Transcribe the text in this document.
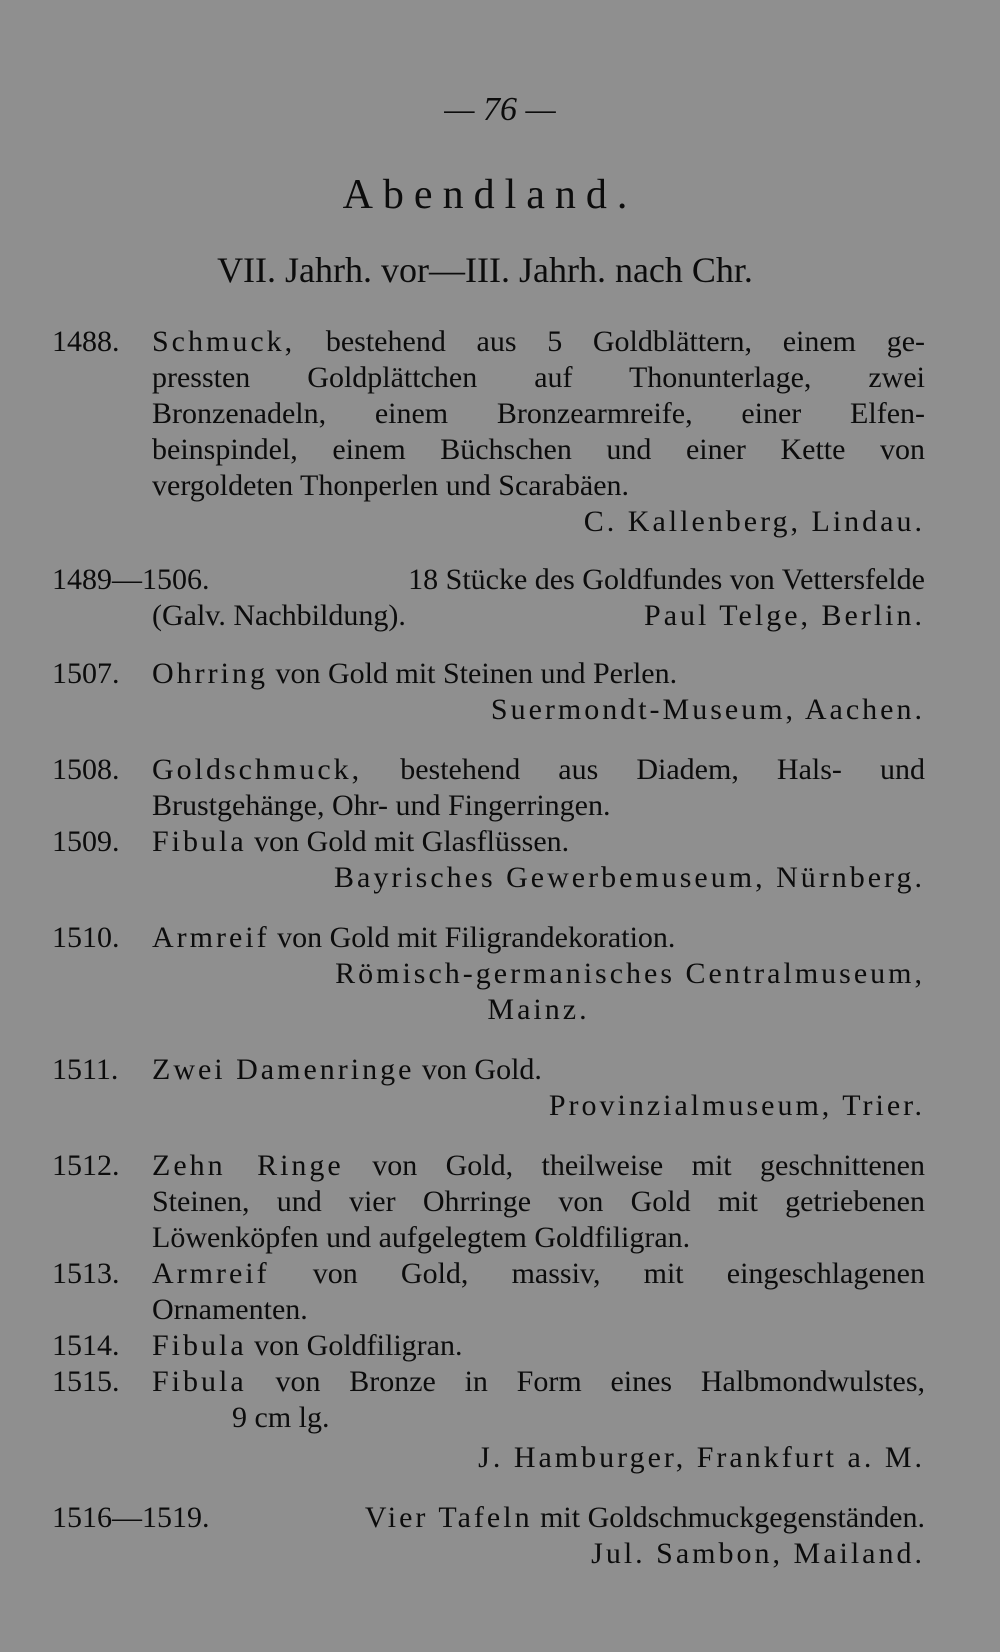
— 76 —
Abendland.
VII. Jahrh. vor—III. Jahrh. nach Chr.
1488. Schmuck, bestehend aus 5 Goldblättern, einem ge-
pressten Goldplättchen auf Thonunterlage, zwei
Bronzenadeln, einem Bronzearmreife, einer Elfen-
beinspindel, einem Büchschen und einer Kette von
vergoldeten Thonperlen und Scarabäen.
C. Kallenberg, Lindau.
1489—1506.	18 Stücke des Goldfundes von Vettersfelde
(Galv. Nachbildung).	Paul Telge, Berlin.
1507. Ohrring von Gold mit Steinen und Perlen.
Suermondt-Museum, Aachen.
1508. Goldschmuck, bestehend aus Diadem, Hals- und
Brustgehänge, Ohr- und Fingerringen.
1509. Fibula von Gold mit Glasflüssen.
Bayrisches Gewerbemuseum, Nürnberg.
1510. Armreif von Gold mit Filigrandekoration.
Römisch-germanisches Centralmuseum,
Mainz.
1511. Zwei Damenringe von Gold.
Provinzialmuseum, Trier.
1512. Zehn Ringe von Gold, theilweise mit geschnittenen
Steinen, und vier Ohrringe von Gold mit getriebenen
Löwenköpfen und aufgelegtem Goldfiligran.
1513. Armreif von Gold, massiv, mit eingeschlagenen
Ornamenten.
1514. Fibula von Goldfiligran.
1515. Fibula von Bronze in Form eines Halbmondwulstes,
9 cm lg.
J. Hamburger, Frankfurt a. M.
1516—1519.	Vier Tafeln mit Goldschmuckgegenständen.
Jul. Sambon, Mailand.
